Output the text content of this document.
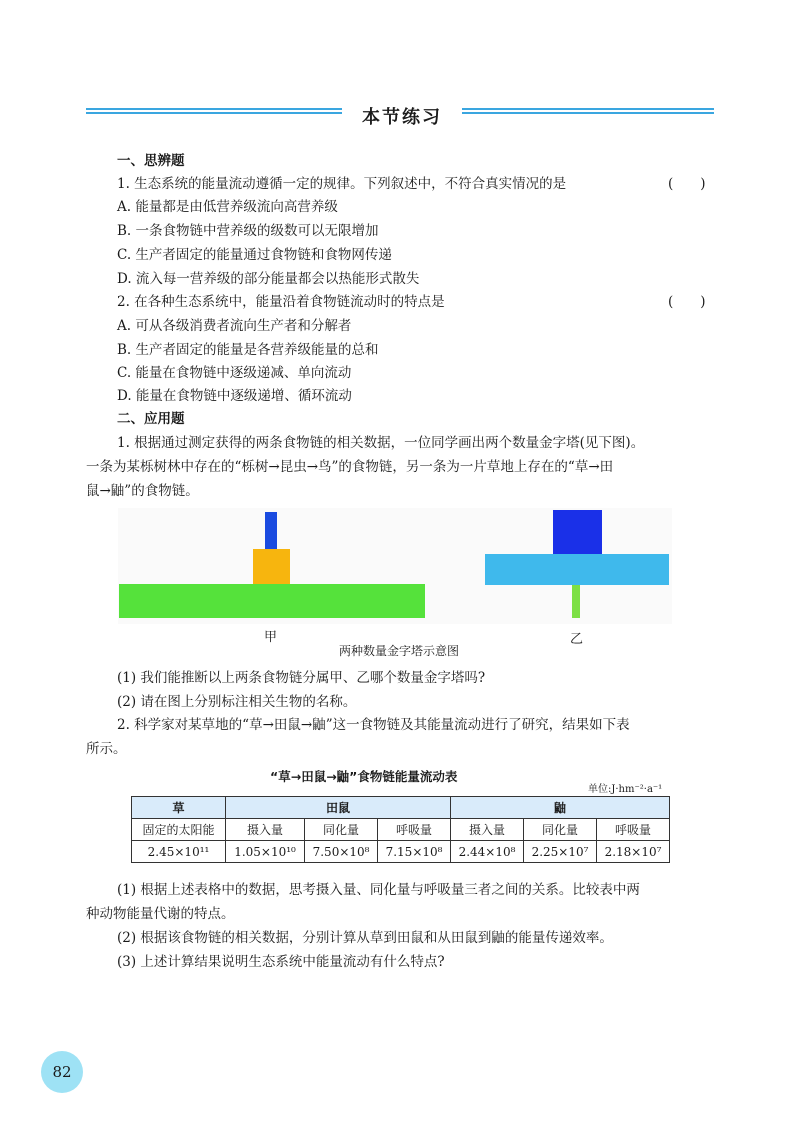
本节练习
一、思辨题
1. 生态系统的能量流动遵循一定的规律。下列叙述中，不符合真实情况的是	(　　)
A. 能量都是由低营养级流向高营养级
B. 一条食物链中营养级的级数可以无限增加
C. 生产者固定的能量通过食物链和食物网传递
D. 流入每一营养级的部分能量都会以热能形式散失
2. 在各种生态系统中，能量沿着食物链流动时的特点是	(　　)
A. 可从各级消费者流向生产者和分解者
B. 生产者固定的能量是各营养级能量的总和
C. 能量在食物链中逐级递减、单向流动
D. 能量在食物链中逐级递增、循环流动
二、应用题
1. 根据通过测定获得的两条食物链的相关数据，一位同学画出两个数量金字塔(见下图)。
一条为某栎树林中存在的“栎树→昆虫→鸟”的食物链，另一条为一片草地上存在的“草→田
鼠→鼬”的食物链。
甲	乙
两种数量金字塔示意图
(1) 我们能推断以上两条食物链分属甲、乙哪个数量金字塔吗?
(2) 请在图上分别标注相关生物的名称。
2. 科学家对某草地的“草→田鼠→鼬”这一食物链及其能量流动进行了研究，结果如下表
所示。
“草→田鼠→鼬”食物链能量流动表
单位:J·hm⁻²·a⁻¹
草	田鼠			鼬		
固定的太阳能	摄入量	同化量	呼吸量	摄入量	同化量	呼吸量
2.45×10¹¹	1.05×10¹⁰	7.50×10⁸	7.15×10⁸	2.44×10⁸	2.25×10⁷	2.18×10⁷
(1) 根据上述表格中的数据，思考摄入量、同化量与呼吸量三者之间的关系。比较表中两
种动物能量代谢的特点。
(2) 根据该食物链的相关数据，分别计算从草到田鼠和从田鼠到鼬的能量传递效率。
(3) 上述计算结果说明生态系统中能量流动有什么特点?
82
